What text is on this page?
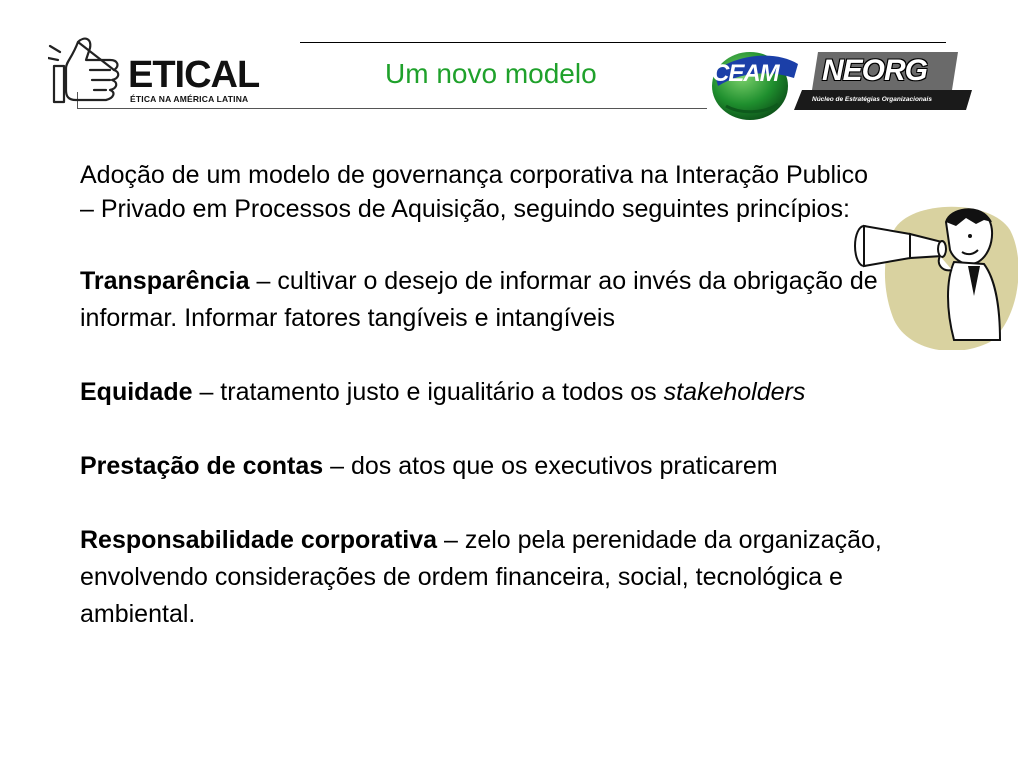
ETICAL
ÉTICA NA AMÉRICA LATINA
Um novo modelo	CEAM NEORG
Núcleo de Estratégias Organizacionais

Adoção de um modelo de governança corporativa na Interação Publico – Privado em Processos de Aquisição, seguindo seguintes princípios:

Transparência – cultivar o desejo de informar ao invés da obrigação de informar. Informar fatores tangíveis e intangíveis

Equidade – tratamento justo e igualitário a todos os stakeholders

Prestação de contas – dos atos que os executivos praticarem

Responsabilidade corporativa – zelo pela perenidade da organização, envolvendo considerações de ordem financeira, social, tecnológica e ambiental.
